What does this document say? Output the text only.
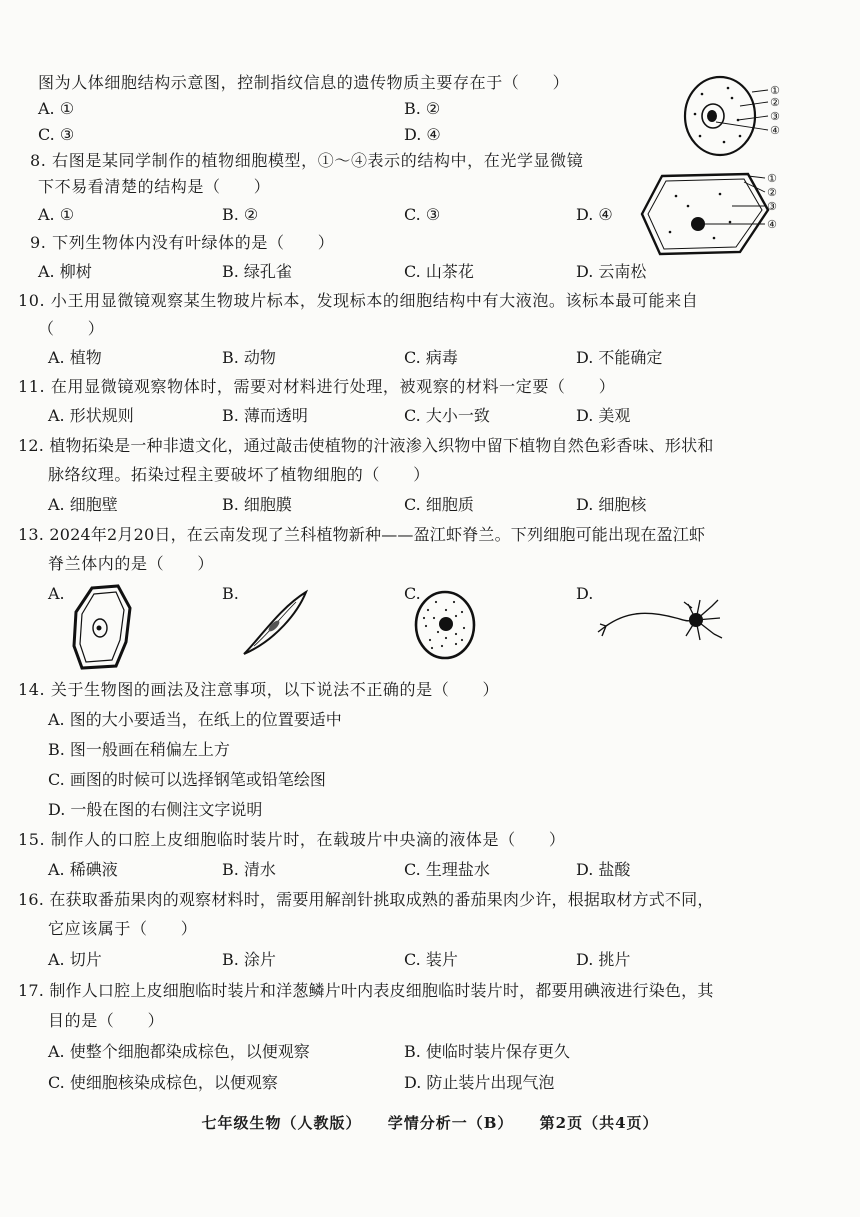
图为人体细胞结构示意图，控制指纹信息的遗传物质主要存在于（　　）
A. ①	B. ②
C. ③	D. ④
①
②
③
④
8. 右图是某同学制作的植物细胞模型，①～④表示的结构中，在光学显微镜
下不易看清楚的结构是（　　）
A. ①	B. ②	C. ③	D. ④
①
②
③
④
9. 下列生物体内没有叶绿体的是（　　）
A. 柳树	B. 绿孔雀	C. 山茶花	D. 云南松
10. 小王用显微镜观察某生物玻片标本，发现标本的细胞结构中有大液泡。该标本最可能来自
（　　）
A. 植物	B. 动物	C. 病毒	D. 不能确定
11. 在用显微镜观察物体时，需要对材料进行处理，被观察的材料一定要（　　）
A. 形状规则	B. 薄而透明	C. 大小一致	D. 美观
12. 植物拓染是一种非遗文化，通过敲击使植物的汁液渗入织物中留下植物自然色彩香味、形状和
脉络纹理。拓染过程主要破坏了植物细胞的（　　）
A. 细胞壁	B. 细胞膜	C. 细胞质	D. 细胞核
13. 2024年2月20日，在云南发现了兰科植物新种——盈江虾脊兰。下列细胞可能出现在盈江虾
脊兰体内的是（　　）
A.	B.	C.	D.
14. 关于生物图的画法及注意事项，以下说法不正确的是（　　）
A. 图的大小要适当，在纸上的位置要适中
B. 图一般画在稍偏左上方
C. 画图的时候可以选择钢笔或铅笔绘图
D. 一般在图的右侧注文字说明
15. 制作人的口腔上皮细胞临时装片时，在载玻片中央滴的液体是（　　）
A. 稀碘液	B. 清水	C. 生理盐水	D. 盐酸
16. 在获取番茄果肉的观察材料时，需要用解剖针挑取成熟的番茄果肉少许，根据取材方式不同，
它应该属于（　　）
A. 切片	B. 涂片	C. 装片	D. 挑片
17. 制作人口腔上皮细胞临时装片和洋葱鳞片叶内表皮细胞临时装片时，都要用碘液进行染色，其
目的是（　　）
A. 使整个细胞都染成棕色，以便观察	B. 使临时装片保存更久
C. 使细胞核染成棕色，以便观察	D. 防止装片出现气泡
七年级生物（人教版） 学情分析一（B） 第2页（共4页）
